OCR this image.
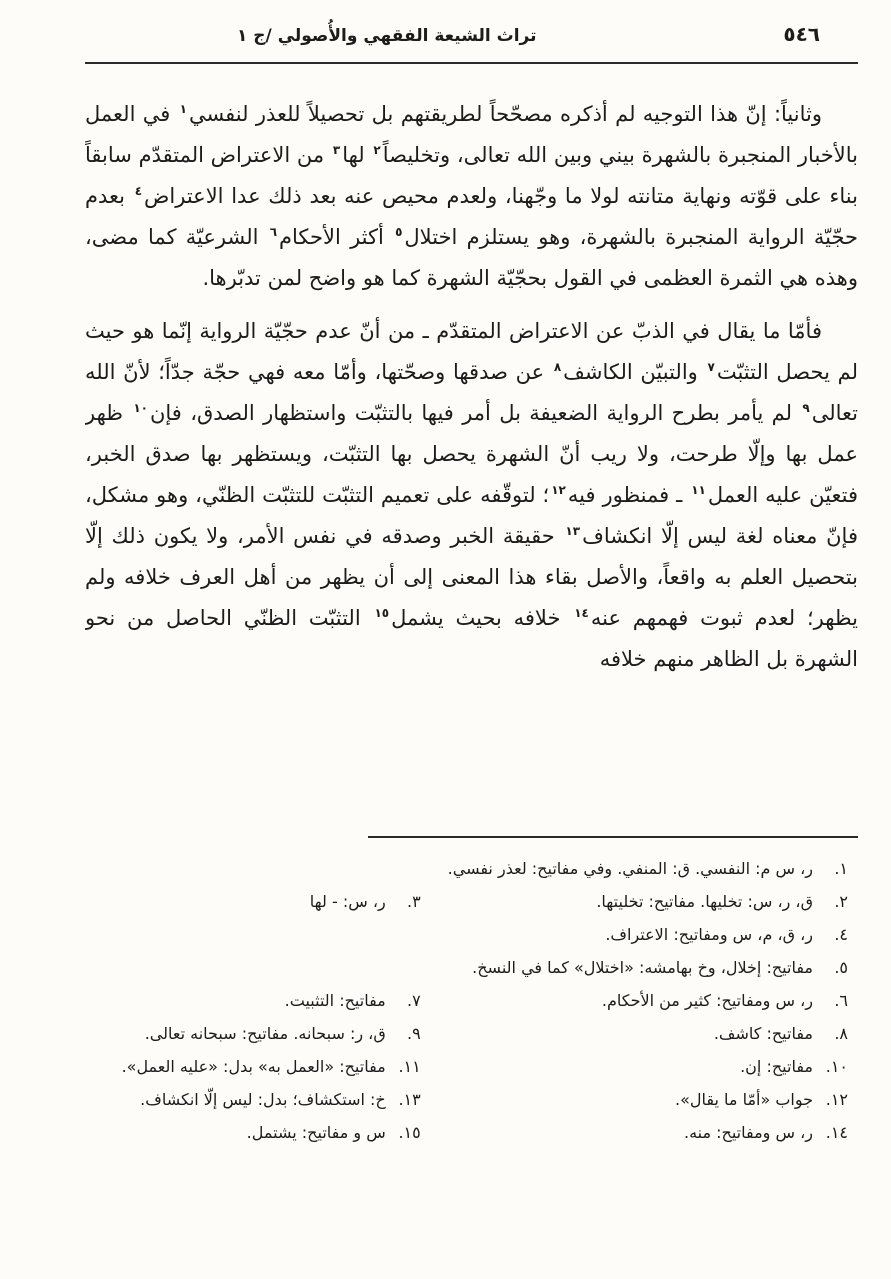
تراث الشيعة الفقهي والأُصولي /ج ١	٥٤٦

وثانياً: إنّ هذا التوجيه لم أذكره مصحّحاً لطريقتهم بل تحصيلاً للعذر لنفسي$^١$ في العمل بالأخبار المنجبرة بالشهرة بيني وبين الله تعالى، وتخليصاً$^٢$ لها$^٣$ من الاعتراض المتقدّم سابقاً بناء على قوّته ونهاية متانته لولا ما وجّهنا، ولعدم محيص عنه بعد ذلك عدا الاعتراض$^٤$ بعدم حجّيّة الرواية المنجبرة بالشهرة، وهو يستلزم اختلال$^٥$ أكثر الأحكام$^٦$ الشرعيّة كما مضى، وهذه هي الثمرة العظمى في القول بحجّيّة الشهرة كما هو واضح لمن تدبّرها.

فأمّا ما يقال في الذبّ عن الاعتراض المتقدّم ـ من أنّ عدم حجّيّة الرواية إنّما هو حيث لم يحصل التثبّت$^٧$ والتبيّن الكاشف$^٨$ عن صدقها وصحّتها، وأمّا معه فهي حجّة جدّاً؛ لأنّ الله تعالى$^٩$ لم يأمر بطرح الرواية الضعيفة بل أمر فيها بالتثبّت واستظهار الصدق، فإن$^{١٠}$ ظهر عمل بها وإلّا طرحت، ولا ريب أنّ الشهرة يحصل بها التثبّت، ويستظهر بها صدق الخبر، فتعيّن عليه العمل$^{١١}$ ـ فمنظور فيه$^{١٢}$؛ لتوقّفه على تعميم التثبّت للتثبّت الظنّي، وهو مشكل، فإنّ معناه لغة ليس إلّا انكشاف$^{١٣}$ حقيقة الخبر وصدقه في نفس الأمر، ولا يكون ذلك إلّا بتحصيل العلم به واقعاً، والأصل بقاء هذا المعنى إلى أن يظهر من أهل العرف خلافه ولم يظهر؛ لعدم ثبوت فهمهم عنه$^{١٤}$ خلافه بحيث يشمل$^{١٥}$ التثبّت الظنّي الحاصل من نحو الشهرة بل الظاهر منهم خلافه

١.
ر، س م: النفسي. ق: المنفي. وفي مفاتيح: لعذر نفسي.
٢.
ق، ر، س: تخليها. مفاتيح: تخليتها.
٣.
ر، س: - لها
٤.
ر، ق، م، س ومفاتيح: الاعتراف.
٥.
مفاتيح: إخلال، وخ بهامشه: «اختلال» كما في النسخ.
٦.
ر، س ومفاتيح: كثير من الأحكام.
٧.
مفاتيح: التثبيت.
٨.
مفاتيح: كاشف.
٩.
ق، ر: سبحانه. مفاتيح: سبحانه تعالى.
١٠.
مفاتيح: إن.
١١.
مفاتيح: «العمل به» بدل: «عليه العمل».
١٢.
جواب «أمّا ما يقال».
١٣.
خ: استكشاف؛ بدل: ليس إلّا انكشاف.
١٤.
ر، س ومفاتيح: منه.
١٥.
س و مفاتيح: يشتمل.
